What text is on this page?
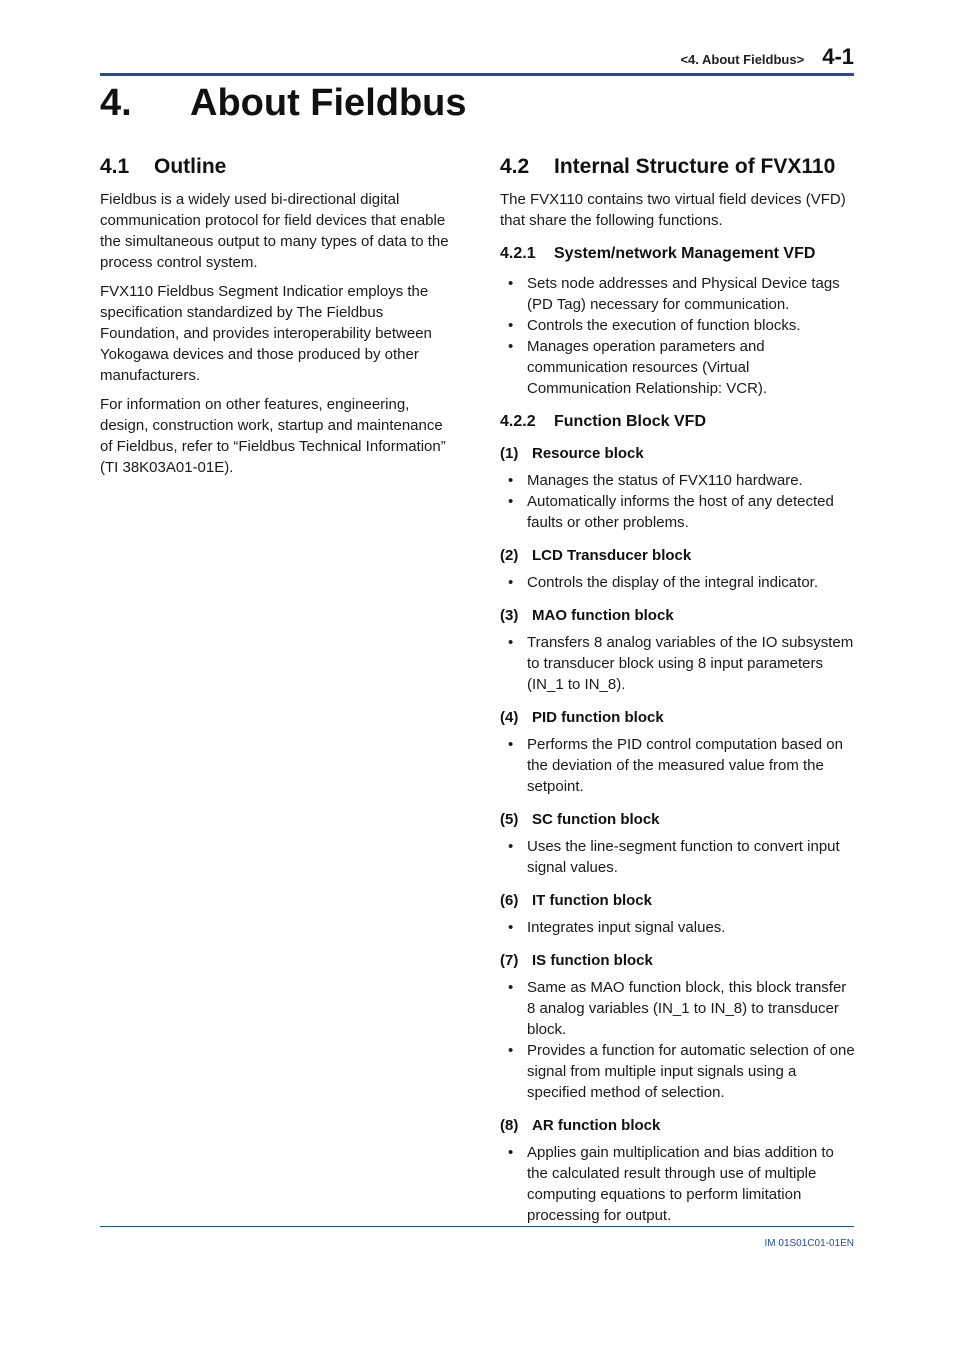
<4. About Fieldbus> 4-1
4.	About Fieldbus
4.1	Outline

Fieldbus is a widely used bi-directional digital communication protocol for field devices that enable the simultaneous output to many types of data to the process control system.

FVX110 Fieldbus Segment Indicatior employs the specification standardized by The Fieldbus Foundation, and provides interoperability between Yokogawa devices and those produced by other manufacturers.

For information on other features, engineering, design, construction work, startup and maintenance of Fieldbus, refer to “Fieldbus Technical Information” (TI 38K03A01-01E).

4.2	Internal Structure of FVX110

The FVX110 contains two virtual field devices (VFD) that share the following functions.

4.2.1	System/network Management VFD
• Sets node addresses and Physical Device tags (PD Tag) necessary for communication.
• Controls the execution of function blocks.
• Manages operation parameters and communication resources (Virtual Communication Relationship: VCR).
4.2.2	Function Block VFD
(1) Resource block
• Manages the status of FVX110 hardware.
• Automatically informs the host of any detected faults or other problems.
(2) LCD Transducer block
• Controls the display of the integral indicator.
(3) MAO function block
• Transfers 8 analog variables of the IO subsystem to transducer block using 8 input parameters (IN_1 to IN_8).
(4) PID function block
• Performs the PID control computation based on the deviation of the measured value from the setpoint.
(5) SC function block
• Uses the line-segment function to convert input signal values.
(6) IT function block
• Integrates input signal values.
(7) IS function block
• Same as MAO function block, this block transfer 8 analog variables (IN_1 to IN_8) to transducer block.
• Provides a function for automatic selection of one signal from multiple input signals using a specified method of selection.
(8) AR function block
• Applies gain multiplication and bias addition to the calculated result through use of multiple computing equations to perform limitation processing for output.
IM 01S01C01-01EN
